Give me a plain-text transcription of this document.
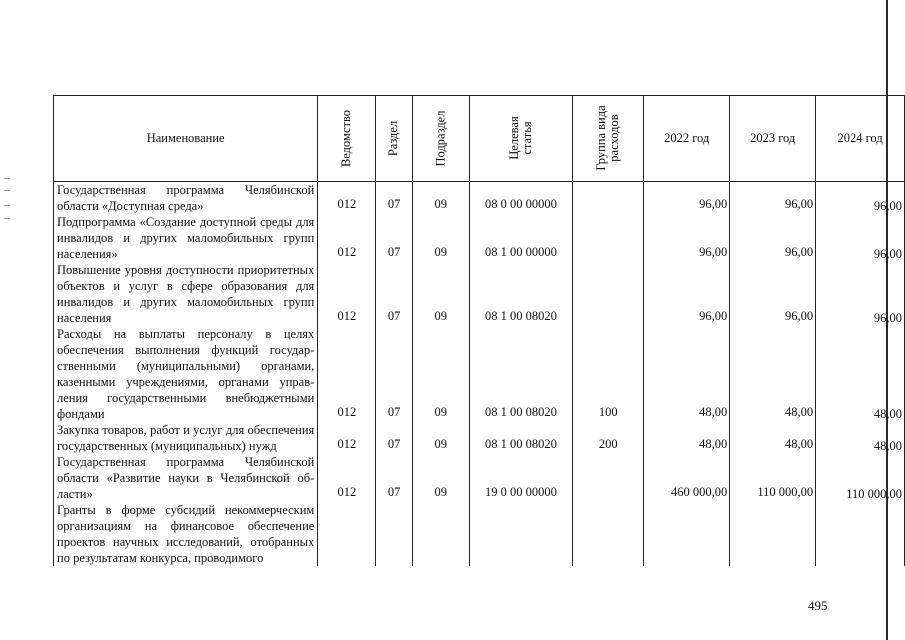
Наименование	Ведомство	Раздел	Подраздел	Целевая статья	Группа вида расходов	2022 год	2023 год	2024 год
Государственная программа Челябинской области «Доступная среда»	012	07	09	08 0 00 00000		96,00	96,00	96,00
Подпрограмма «Создание доступной среды для инвалидов и других маломобильных групп населения»	012	07	09	08 1 00 00000		96,00	96,00	96,00
Повышение уровня доступности приоритетных объектов и услуг в сфере образования для инвалидов и других маломобильных групп населения	012	07	09	08 1 00 08020		96,00	96,00	96,00
Расходы на выплаты персоналу в целях обеспечения выполнения функций государственными (муниципальными) органами, казенными учреждениями, органами управления государственными внебюджетными фондами	012	07	09	08 1 00 08020	100	48,00	48,00	48,00
Закупка товаров, работ и услуг для обеспечения государственных (муниципальных) нужд	012	07	09	08 1 00 08020	200	48,00	48,00	48,00
Государственная программа Челябинской области «Развитие науки в Челябинской области»	012	07	09	19 0 00 00000		460 000,00	110 000,00	110 000,00
Гранты в форме субсидий некоммерческим организациям на финансовое обеспечение проектов научных исследований, отобранных по результатам конкурса, проводимого								
495
